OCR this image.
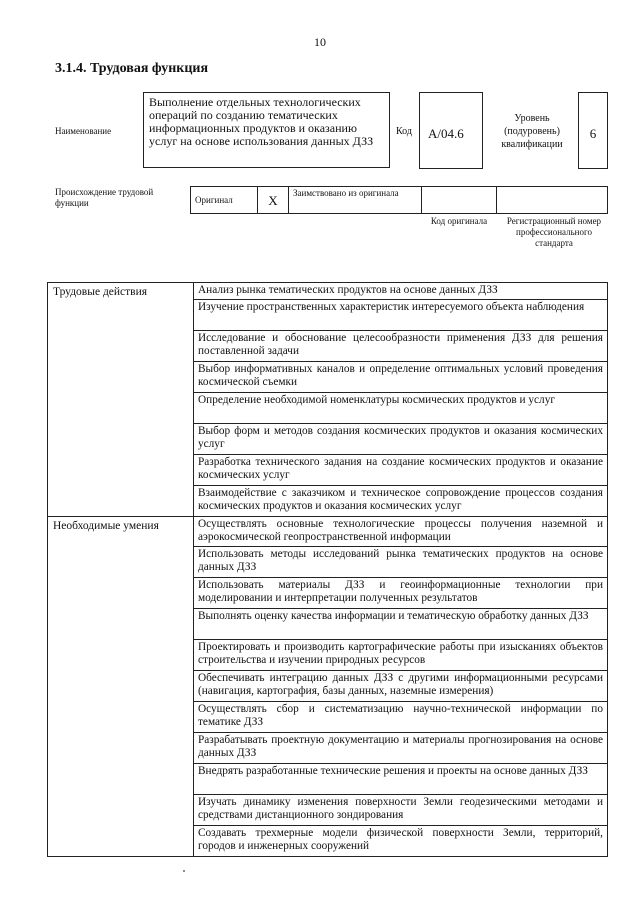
10
3.1.4. Трудовая функция
Наименование
Выполнение отдельных технологических операций по созданию тематических информационных продуктов и оказанию услуг на основе использования данных ДЗЗ
Код	А/04.6
Уровень (подуровень) квалификации
6
Происхождение трудовой функции	Оригинал	X	Заимствовано из оригинала		
Код оригинала	Регистрационный номер профессионального стандарта
Трудовые действия	Анализ рынка тематических продуктов на основе данных ДЗЗ
	Изучение пространственных характеристик интересуемого объекта наблюдения
	Исследование и обоснование целесообразности применения ДЗЗ для решения поставленной задачи
	Выбор информативных каналов и определение оптимальных условий проведения космической съемки
	Определение необходимой номенклатуры космических продуктов и услуг
	Выбор форм и методов создания космических продуктов и оказания космических услуг
	Разработка технического задания на создание космических продуктов и оказание космических услуг
	Взаимодействие с заказчиком и техническое сопровождение процессов создания космических продуктов и оказания космических услуг
Необходимые умения	Осуществлять основные технологические процессы получения наземной и аэрокосмической геопространственной информации
	Использовать методы исследований рынка тематических продуктов на основе данных ДЗЗ
	Использовать материалы ДЗЗ и геоинформационные технологии при моделировании и интерпретации полученных результатов
	Выполнять оценку качества информации и тематическую обработку данных ДЗЗ
	Проектировать и производить картографические работы при изысканиях объектов строительства и изучении природных ресурсов
	Обеспечивать интеграцию данных ДЗЗ с другими информационными ресурсами (навигация, картография, базы данных, наземные измерения)
	Осуществлять сбор и систематизацию научно-технической информации по тематике ДЗЗ
	Разрабатывать проектную документацию и материалы прогнозирования на основе данных ДЗЗ
	Внедрять разработанные технические решения и проекты на основе данных ДЗЗ
	Изучать динамику изменения поверхности Земли геодезическими методами и средствами дистанционного зондирования
	Создавать трехмерные модели физической поверхности Земли, территорий, городов и инженерных сооружений
